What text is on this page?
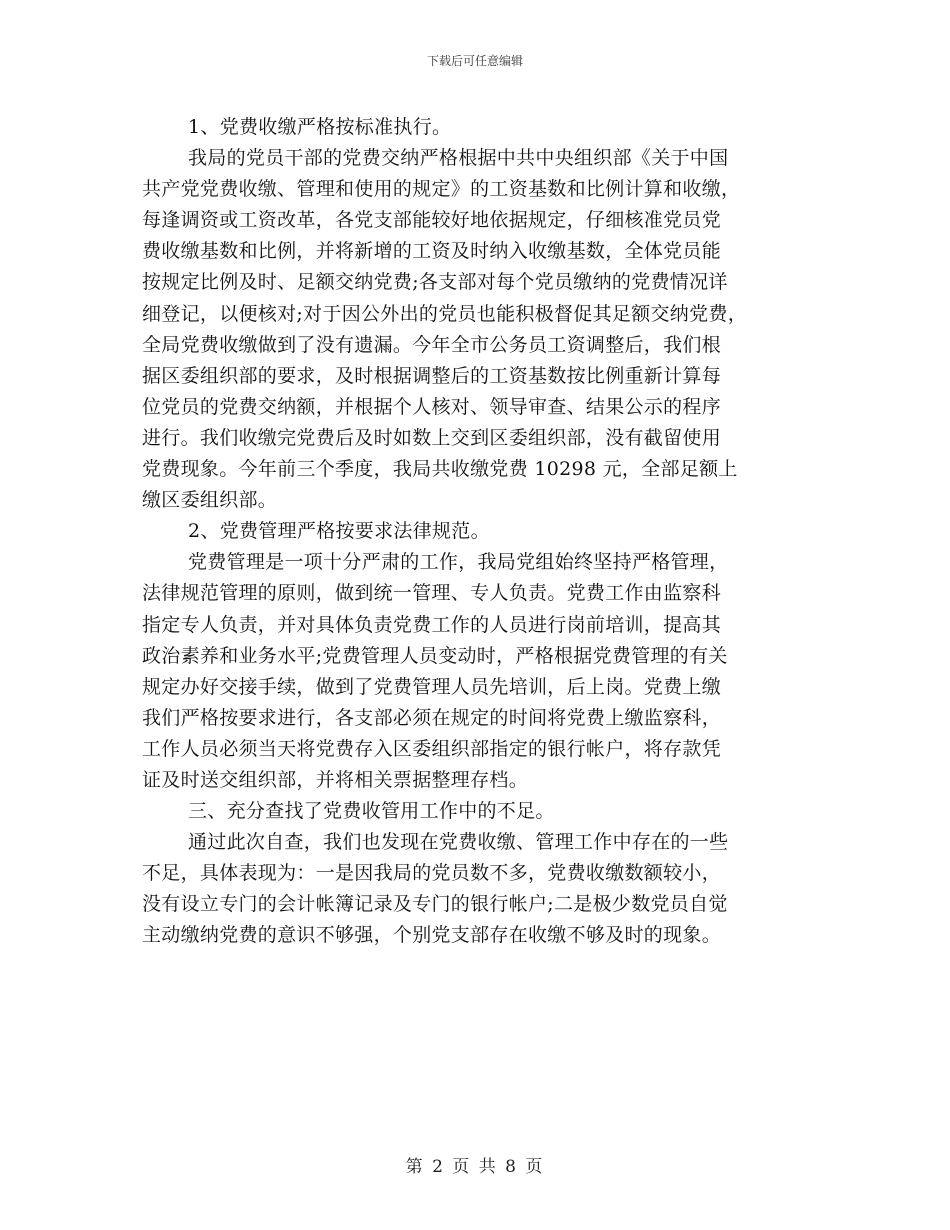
下载后可任意编辑
1、党费收缴严格按标准执行。
我局的党员干部的党费交纳严格根据中共中央组织部《关于中国
共产党党费收缴、管理和使用的规定》的工资基数和比例计算和收缴，
每逢调资或工资改革，各党支部能较好地依据规定，仔细核准党员党
费收缴基数和比例，并将新增的工资及时纳入收缴基数，全体党员能
按规定比例及时、足额交纳党费;各支部对每个党员缴纳的党费情况详
细登记，以便核对;对于因公外出的党员也能积极督促其足额交纳党费，
全局党费收缴做到了没有遗漏。今年全市公务员工资调整后，我们根
据区委组织部的要求，及时根据调整后的工资基数按比例重新计算每
位党员的党费交纳额，并根据个人核对、领导审查、结果公示的程序
进行。我们收缴完党费后及时如数上交到区委组织部，没有截留使用
党费现象。今年前三个季度，我局共收缴党费 10298 元，全部足额上
缴区委组织部。
2、党费管理严格按要求法律规范。
党费管理是一项十分严肃的工作，我局党组始终坚持严格管理，
法律规范管理的原则，做到统一管理、专人负责。党费工作由监察科
指定专人负责，并对具体负责党费工作的人员进行岗前培训，提高其
政治素养和业务水平;党费管理人员变动时，严格根据党费管理的有关
规定办好交接手续，做到了党费管理人员先培训，后上岗。党费上缴
我们严格按要求进行，各支部必须在规定的时间将党费上缴监察科，
工作人员必须当天将党费存入区委组织部指定的银行帐户，将存款凭
证及时送交组织部，并将相关票据整理存档。
三、充分查找了党费收管用工作中的不足。
通过此次自查，我们也发现在党费收缴、管理工作中存在的一些
不足，具体表现为：一是因我局的党员数不多，党费收缴数额较小，
没有设立专门的会计帐簿记录及专门的银行帐户;二是极少数党员自觉
主动缴纳党费的意识不够强，个别党支部存在收缴不够及时的现象。
第 2 页 共 8 页
